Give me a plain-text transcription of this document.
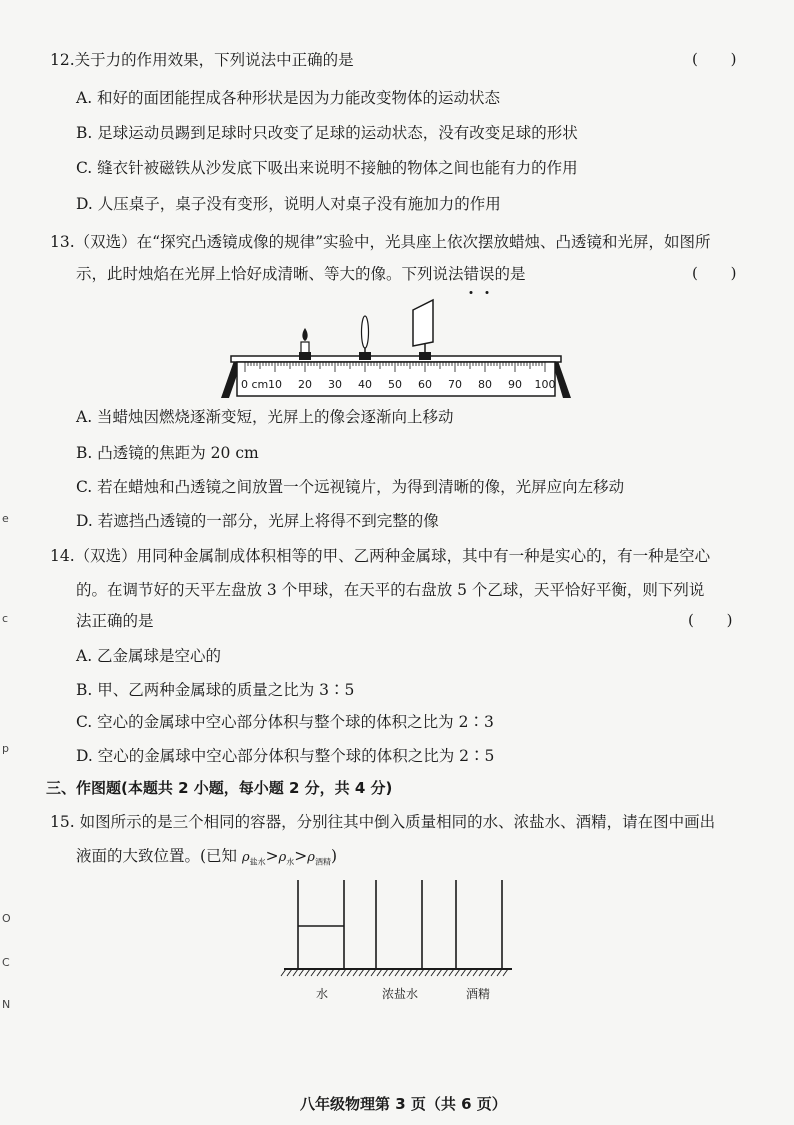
12.关于力的作用效果，下列说法中正确的是	( )
A. 和好的面团能捏成各种形状是因为力能改变物体的运动状态
B. 足球运动员踢到足球时只改变了足球的运动状态，没有改变足球的形状
C. 缝衣针被磁铁从沙发底下吸出来说明不接触的物体之间也能有力的作用
D. 人压桌子，桌子没有变形，说明人对桌子没有施加力的作用
13.（双选）在“探究凸透镜成像的规律”实验中，光具座上依次摆放蜡烛、凸透镜和光屏，如图所
示，此时烛焰在光屏上恰好成清晰、等大的像。下列说法错
误
的是	( )
0 cm 10 20 30 40 50 60 70 80 90 100
A. 当蜡烛因燃烧逐渐变短，光屏上的像会逐渐向上移动
B. 凸透镜的焦距为 20 cm
C. 若在蜡烛和凸透镜之间放置一个远视镜片，为得到清晰的像，光屏应向左移动
D. 若遮挡凸透镜的一部分，光屏上将得不到完整的像
14.（双选）用同种金属制成体积相等的甲、乙两种金属球，其中有一种是实心的，有一种是空心
的。在调节好的天平左盘放 3 个甲球，在天平的右盘放 5 个乙球，天平恰好平衡，则下列说
法正确的是	( )
A. 乙金属球是空心的
B. 甲、乙两种金属球的质量之比为 3∶5
C. 空心的金属球中空心部分体积与整个球的体积之比为 2∶3
D. 空心的金属球中空心部分体积与整个球的体积之比为 2∶5
三、作图题(本题共 2 小题，每小题 2 分，共 4 分)
15. 如图所示的是三个相同的容器，分别往其中倒入质量相同的水、浓盐水、酒精，请在图中画出
液面的大致位置。(已知 $\rho_{盐水}>\rho_水>\rho_{酒精}$)
水	浓盐水	酒精
e
c
p
O
C
N
八年级物理第 3 页（共 6 页）
